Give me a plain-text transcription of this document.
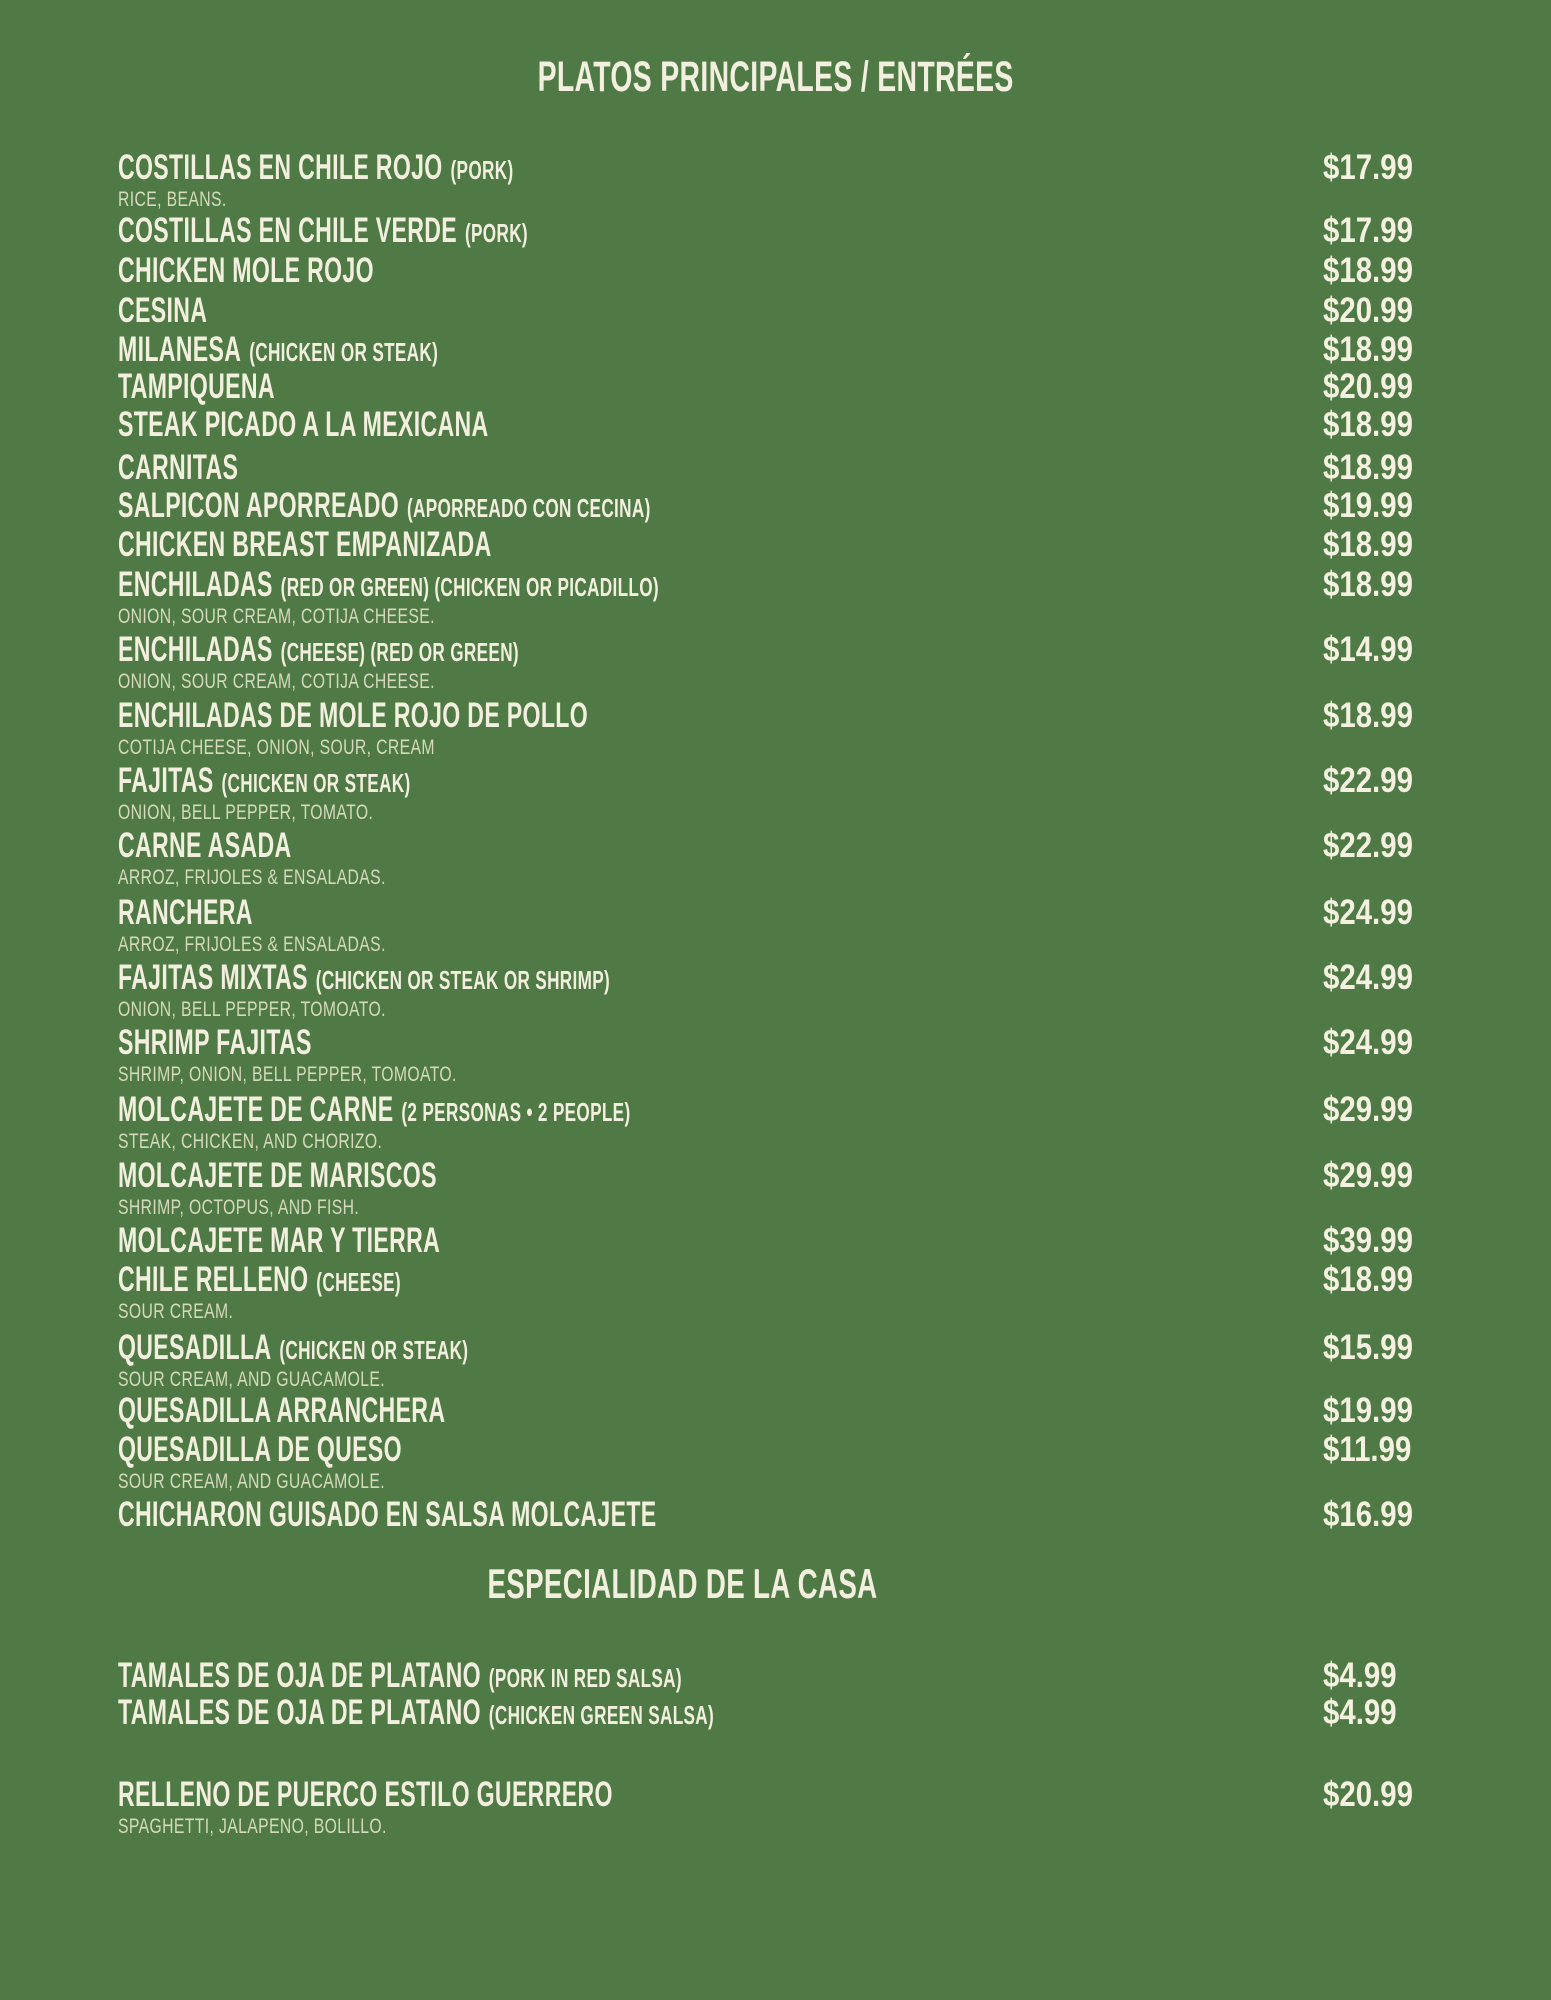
PLATOS PRINCIPALES / ENTRÉES
COSTILLAS EN CHILE ROJO (PORK)
RICE, BEANS.
$17.99
COSTILLAS EN CHILE VERDE (PORK)	$17.99
CHICKEN MOLE ROJO	$18.99
CESINA	$20.99
MILANESA (CHICKEN OR STEAK)	$18.99
TAMPIQUENA	$20.99
STEAK PICADO A LA MEXICANA	$18.99
CARNITAS	$18.99
SALPICON APORREADO (APORREADO CON CECINA)	$19.99
CHICKEN BREAST EMPANIZADA	$18.99
ENCHILADAS (RED OR GREEN) (CHICKEN OR PICADILLO)
ONION, SOUR CREAM, COTIJA CHEESE.
$18.99
ENCHILADAS (CHEESE) (RED OR GREEN)
ONION, SOUR CREAM, COTIJA CHEESE.
$14.99
ENCHILADAS DE MOLE ROJO DE POLLO
COTIJA CHEESE, ONION, SOUR, CREAM
$18.99
FAJITAS (CHICKEN OR STEAK)
ONION, BELL PEPPER, TOMATO.
$22.99
CARNE ASADA
ARROZ, FRIJOLES & ENSALADAS.
$22.99
RANCHERA
ARROZ, FRIJOLES & ENSALADAS.
$24.99
FAJITAS MIXTAS (CHICKEN OR STEAK OR SHRIMP)
ONION, BELL PEPPER, TOMOATO.
$24.99
SHRIMP FAJITAS
SHRIMP, ONION, BELL PEPPER, TOMOATO.
$24.99
MOLCAJETE DE CARNE (2 PERSONAS • 2 PEOPLE)
STEAK, CHICKEN, AND CHORIZO.
$29.99
MOLCAJETE DE MARISCOS
SHRIMP, OCTOPUS, AND FISH.
$29.99
MOLCAJETE MAR Y TIERRA	$39.99
CHILE RELLENO (CHEESE)
SOUR CREAM.
$18.99
QUESADILLA (CHICKEN OR STEAK)
SOUR CREAM, AND GUACAMOLE.
$15.99
QUESADILLA ARRANCHERA	$19.99
QUESADILLA DE QUESO
SOUR CREAM, AND GUACAMOLE.
$11.99
CHICHARON GUISADO EN SALSA MOLCAJETE	$16.99
ESPECIALIDAD DE LA CASA
TAMALES DE OJA DE PLATANO (PORK IN RED SALSA)	$4.99
TAMALES DE OJA DE PLATANO (CHICKEN GREEN SALSA)	$4.99
RELLENO DE PUERCO ESTILO GUERRERO
SPAGHETTI, JALAPENO, BOLILLO.
$20.99
